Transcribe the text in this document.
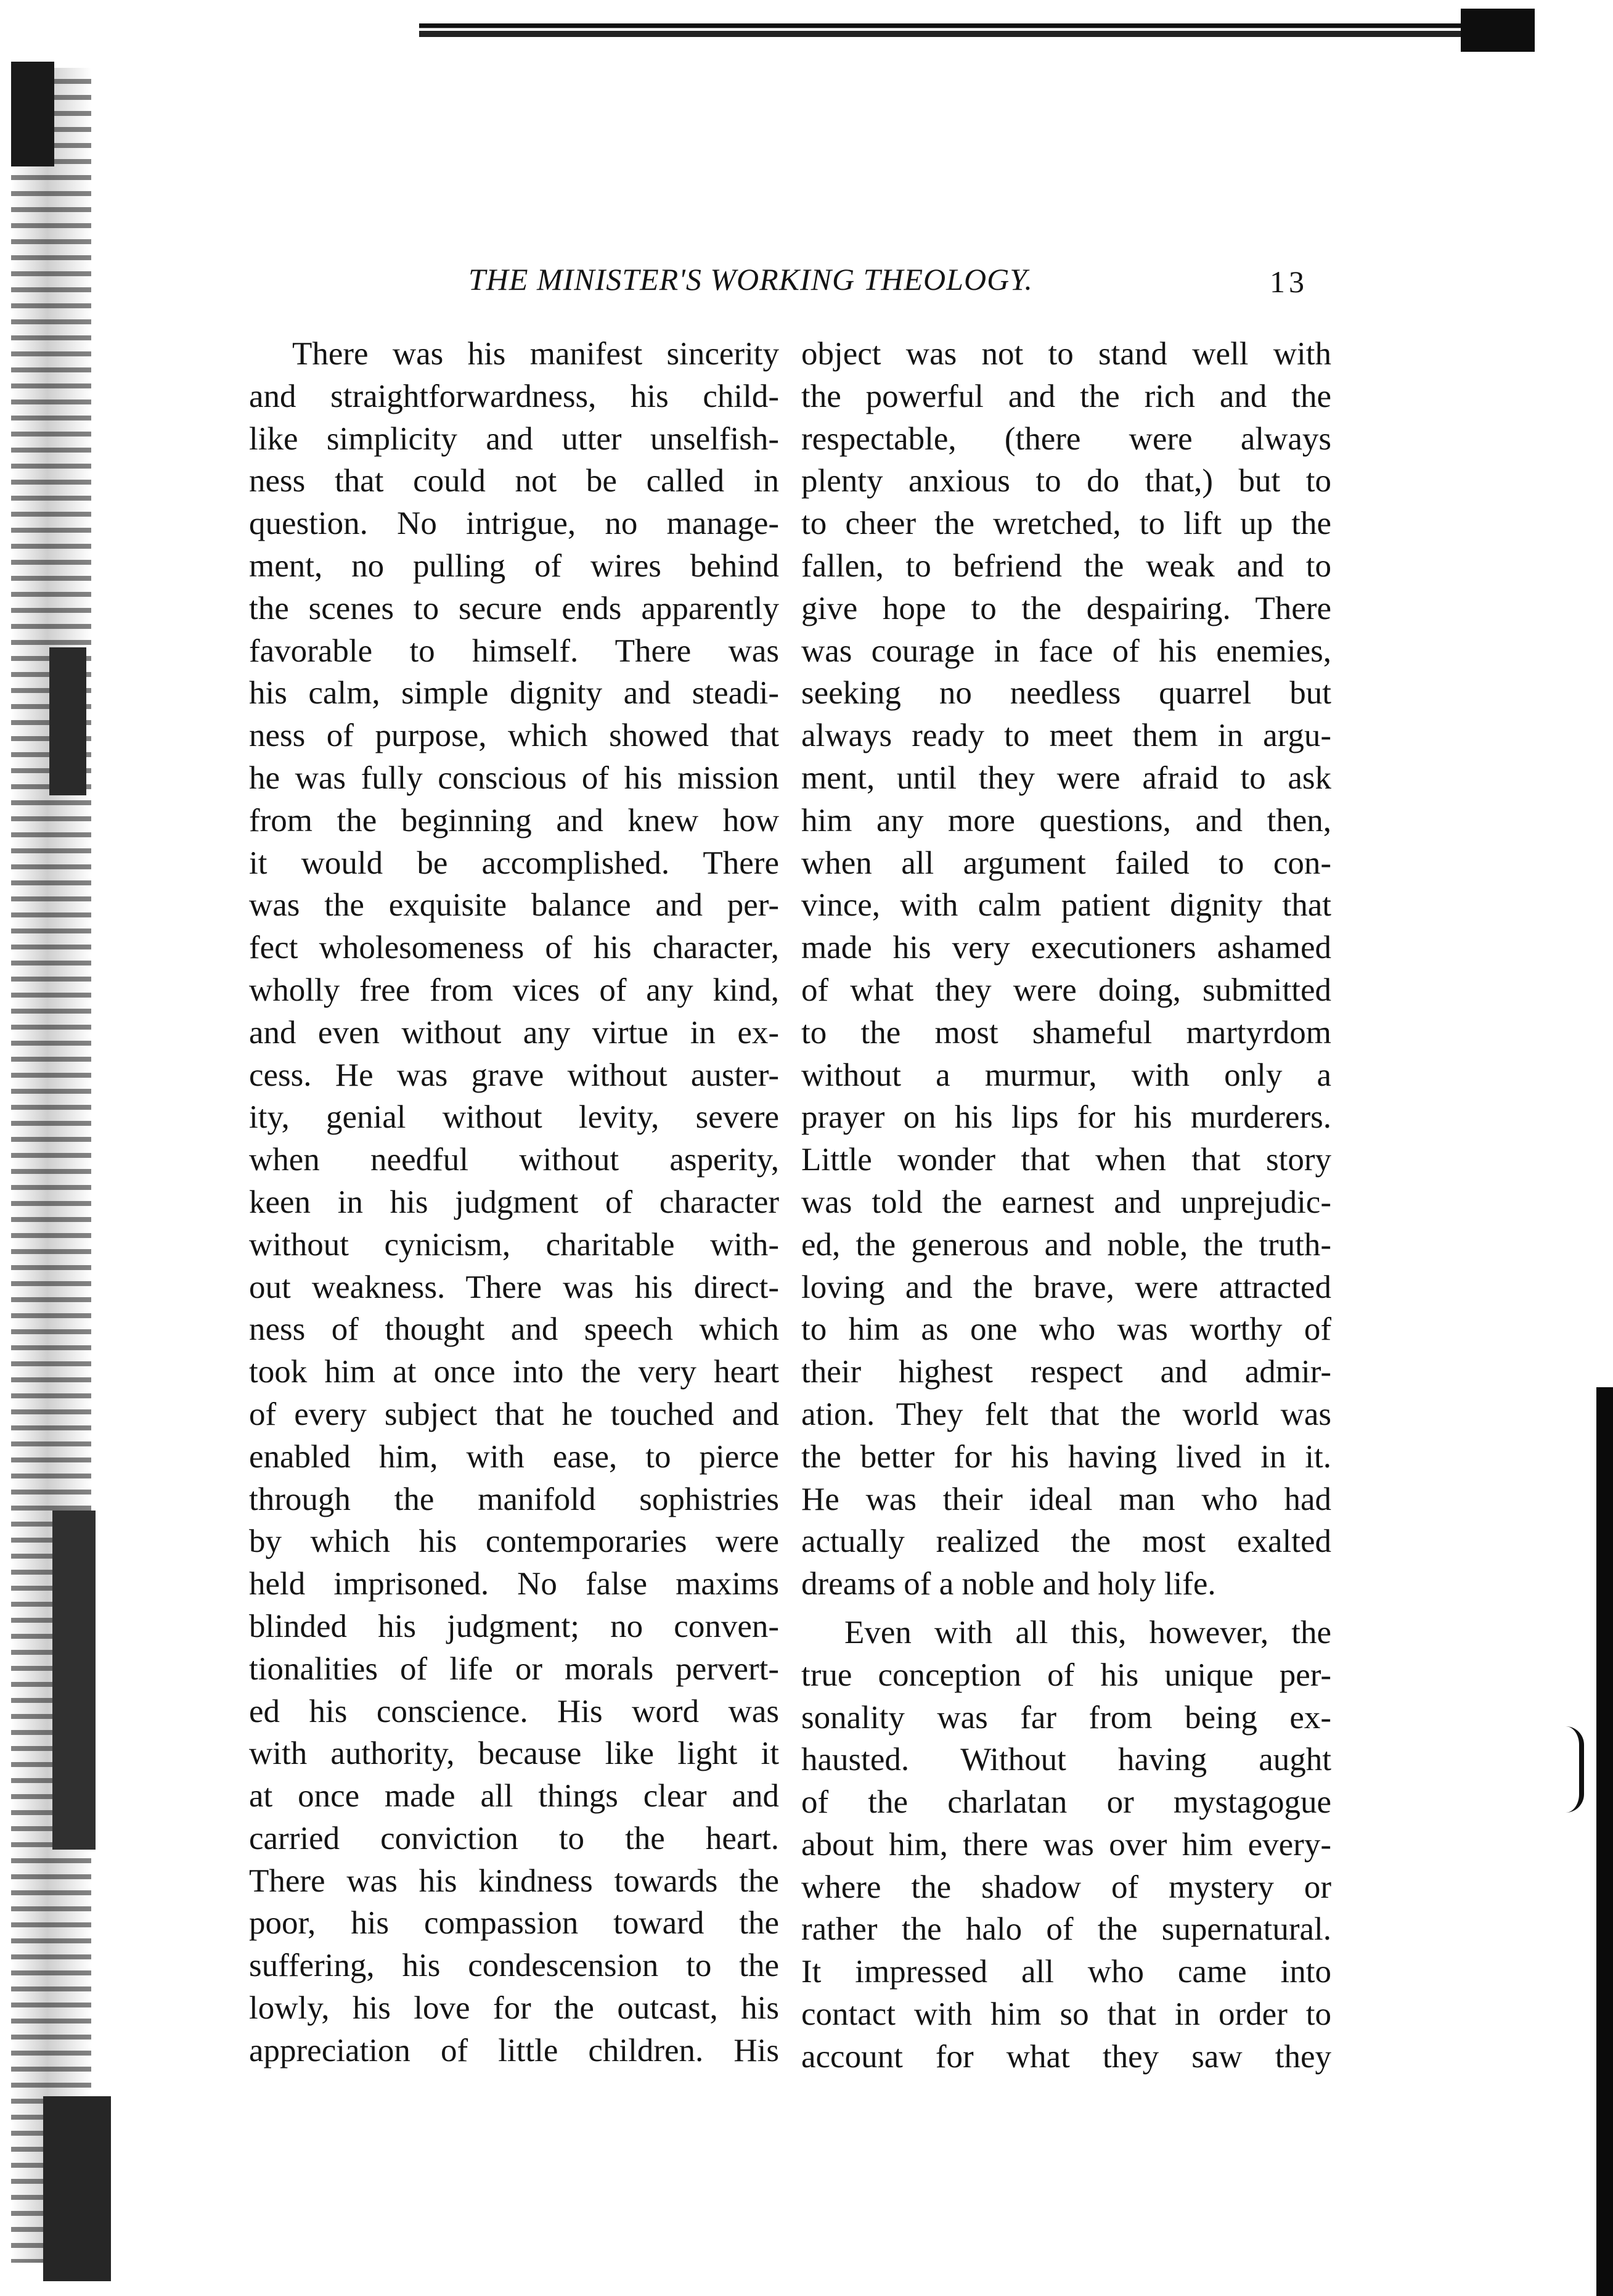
THE MINISTER'S WORKING THEOLOGY.	13
There was his manifest sincerity
and straightforwardness, his child-
like simplicity and utter unselfish-
ness that could not be called in
question. No intrigue, no manage-
ment, no pulling of wires behind
the scenes to secure ends apparently
favorable to himself. There was
his calm, simple dignity and steadi-
ness of purpose, which showed that
he was fully conscious of his mission
from the beginning and knew how
it would be accomplished. There
was the exquisite balance and per-
fect wholesomeness of his character,
wholly free from vices of any kind,
and even without any virtue in ex-
cess. He was grave without auster-
ity, genial without levity, severe
when needful without asperity,
keen in his judgment of character
without cynicism, charitable with-
out weakness. There was his direct-
ness of thought and speech which
took him at once into the very heart
of every subject that he touched and
enabled him, with ease, to pierce
through the manifold sophistries
by which his contemporaries were
held imprisoned. No false maxims
blinded his judgment; no conven-
tionalities of life or morals pervert-
ed his conscience. His word was
with authority, because like light it
at once made all things clear and
carried conviction to the heart.
There was his kindness towards the
poor, his compassion toward the
suffering, his condescension to the
lowly, his love for the outcast, his
appreciation of little children. His
object was not to stand well with
the powerful and the rich and the
respectable, (there were always
plenty anxious to do that,) but to
to cheer the wretched, to lift up the
fallen, to befriend the weak and to
give hope to the despairing. There
was courage in face of his enemies,
seeking no needless quarrel but
always ready to meet them in argu-
ment, until they were afraid to ask
him any more questions, and then,
when all argument failed to con-
vince, with calm patient dignity that
made his very executioners ashamed
of what they were doing, submitted
to the most shameful martyrdom
without a murmur, with only a
prayer on his lips for his murderers.
Little wonder that when that story
was told the earnest and unprejudic-
ed, the generous and noble, the truth-
loving and the brave, were attracted
to him as one who was worthy of
their highest respect and admir-
ation. They felt that the world was
the better for his having lived in it.
He was their ideal man who had
actually realized the most exalted
dreams of a noble and holy life.
Even with all this, however, the
true conception of his unique per-
sonality was far from being ex-
hausted. Without having aught
of the charlatan or mystagogue
about him, there was over him every-
where the shadow of mystery or
rather the halo of the supernatural.
It impressed all who came into
contact with him so that in order to
account for what they saw they
